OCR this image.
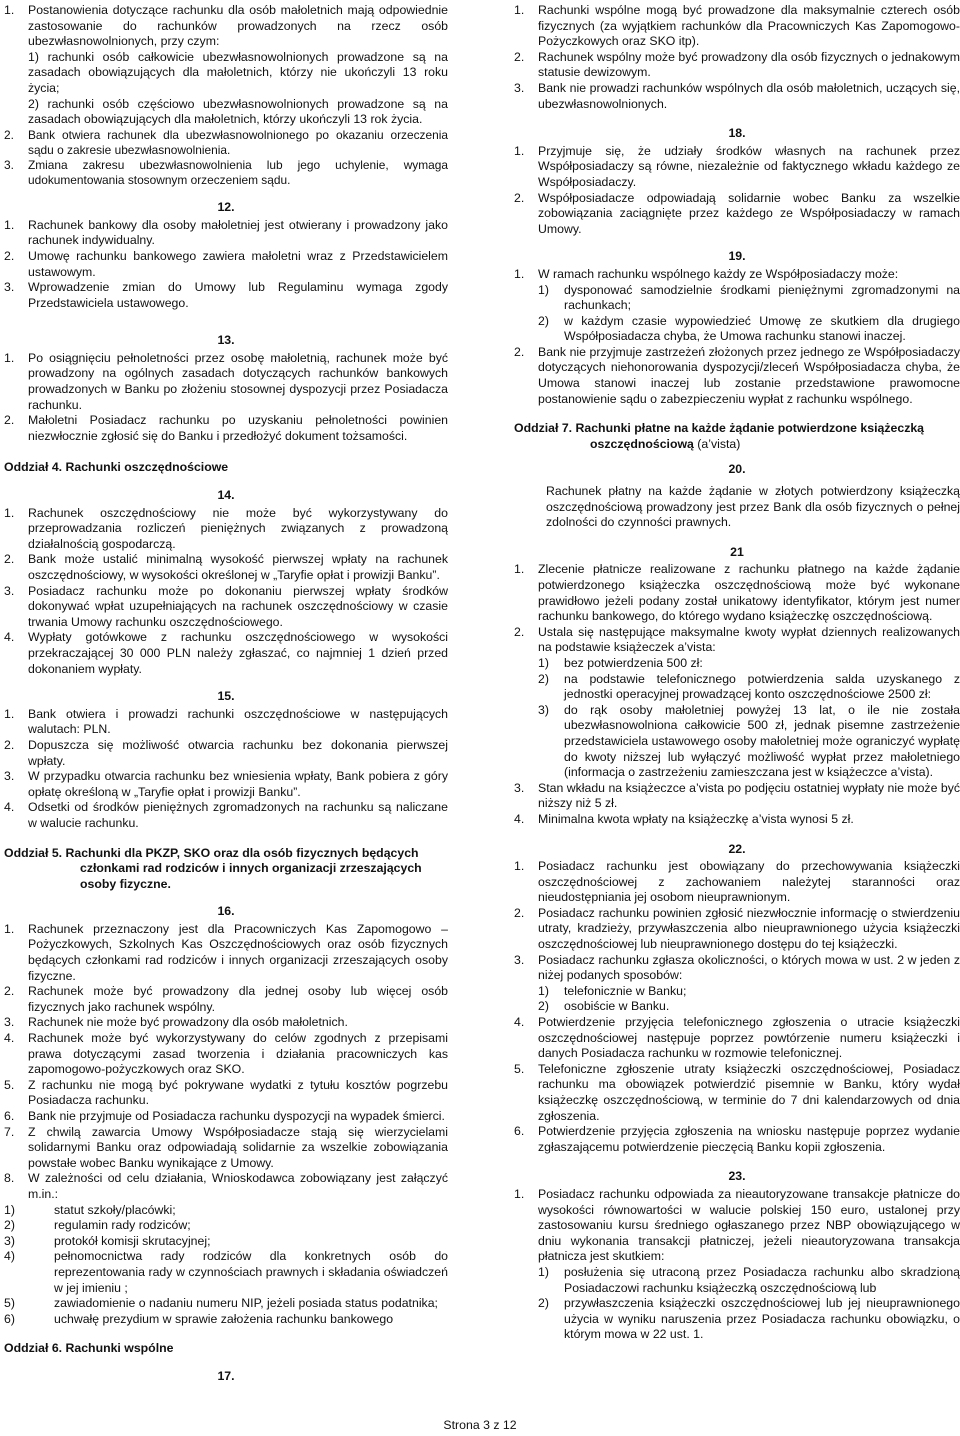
1. Postanowienia dotyczące rachunku dla osób małoletnich mają odpowiednie zastosowanie do rachunków prowadzonych na rzecz osób ubezwłasnowolnionych, przy czym:
1) rachunki osób całkowicie ubezwłasnowolnionych prowadzone są na zasadach obowiązujących dla małoletnich, którzy nie ukończyli 13 roku życia;
2) rachunki osób częściowo ubezwłasnowolnionych prowadzone są na zasadach obowiązujących dla małoletnich, którzy ukończyli 13 rok życia.
2. Bank otwiera rachunek dla ubezwłasnowolnionego po okazaniu orzeczenia sądu o zakresie ubezwłasnowolnienia.
3. Zmiana zakresu ubezwłasnowolnienia lub jego uchylenie, wymaga udokumentowania stosownym orzeczeniem sądu.
12.
1. Rachunek bankowy dla osoby małoletniej jest otwierany i prowadzony jako rachunek indywidualny.
2. Umowę rachunku bankowego zawiera małoletni wraz z Przedstawicielem ustawowym.
3. Wprowadzenie zmian do Umowy lub Regulaminu wymaga zgody Przedstawiciela ustawowego.
13.
1. Po osiągnięciu pełnoletności przez osobę małoletnią, rachunek może być prowadzony na ogólnych zasadach dotyczących rachunków bankowych prowadzonych w Banku po złożeniu stosownej dyspozycji przez Posiadacza rachunku.
2. Małoletni Posiadacz rachunku po uzyskaniu pełnoletności powinien niezwłocznie zgłosić się do Banku i przedłożyć dokument tożsamości.
Oddział 4. Rachunki oszczędnościowe
14.
1. Rachunek oszczędnościowy nie może być wykorzystywany do przeprowadzania rozliczeń pieniężnych związanych z prowadzoną działalnością gospodarczą.
2. Bank może ustalić minimalną wysokość pierwszej wpłaty na rachunek oszczędnościowy, w wysokości określonej w „Taryfie opłat i prowizji Banku”.
3. Posiadacz rachunku może po dokonaniu pierwszej wpłaty środków dokonywać wpłat uzupełniających na rachunek oszczędnościowy w czasie trwania Umowy rachunku oszczędnościowego.
4. Wypłaty gotówkowe z rachunku oszczędnościowego w wysokości przekraczającej 30 000 PLN należy zgłaszać, co najmniej 1 dzień przed dokonaniem wypłaty.
15.
1. Bank otwiera i prowadzi rachunki oszczędnościowe w następujących walutach: PLN.
2. Dopuszcza się możliwość otwarcia rachunku bez dokonania pierwszej wpłaty.
3. W przypadku otwarcia rachunku bez wniesienia wpłaty, Bank pobiera z góry opłatę określoną w „Taryfie opłat i prowizji Banku”.
4. Odsetki od środków pieniężnych zgromadzonych na rachunku są naliczane w walucie rachunku.
Oddział 5. Rachunki dla PKZP, SKO oraz dla osób fizycznych będących
członkami rad rodziców i innych organizacji zrzeszających osoby fizyczne.
16.
1. Rachunek przeznaczony jest dla Pracowniczych Kas Zapomogowo – Pożyczkowych, Szkolnych Kas Oszczędnościowych oraz osób fizycznych będących członkami rad rodziców i innych organizacji zrzeszających osoby fizyczne.
2. Rachunek może być prowadzony dla jednej osoby lub więcej osób fizycznych jako rachunek wspólny.
3. Rachunek nie może być prowadzony dla osób małoletnich.
4. Rachunek może być wykorzystywany do celów zgodnych z przepisami prawa dotyczącymi zasad tworzenia i działania pracowniczych kas zapomogowo-pożyczkowych oraz SKO.
5. Z rachunku nie mogą być pokrywane wydatki z tytułu kosztów pogrzebu Posiadacza rachunku.
6. Bank nie przyjmuje od Posiadacza rachunku dyspozycji na wypadek śmierci.
7. Z chwilą zawarcia Umowy Współposiadacze stają się wierzycielami solidarnymi Banku oraz odpowiadają solidarnie za wszelkie zobowiązania powstałe wobec Banku wynikające z Umowy.
8. W zależności od celu działania, Wnioskodawca zobowiązany jest załączyć m.in.:
1)	statut szkoły/placówki;
2)	regulamin rady rodziców;
3)	protokół komisji skrutacyjnej;
4)	pełnomocnictwa rady rodziców dla konkretnych osób do reprezentowania rady w czynnościach prawnych i składania oświadczeń w jej imieniu ;
5)	zawiadomienie o nadaniu numeru NIP, jeżeli posiada status podatnika;
6)	uchwałę prezydium w sprawie założenia rachunku bankowego
Oddział 6. Rachunki wspólne
17.
1. Rachunki wspólne mogą być prowadzone dla maksymalnie czterech osób fizycznych (za wyjątkiem rachunków dla Pracowniczych Kas Zapomogowo-Pożyczkowych oraz SKO itp).
2. Rachunek wspólny może być prowadzony dla osób fizycznych o jednakowym statusie dewizowym.
3. Bank nie prowadzi rachunków wspólnych dla osób małoletnich, uczących się, ubezwłasnowolnionych.
18.
1. Przyjmuje się, że udziały środków własnych na rachunek przez Współposiadaczy są równe, niezależnie od faktycznego wkładu każdego ze Współposiadaczy.
2. Współposiadacze odpowiadają solidarnie wobec Banku za wszelkie zobowiązania zaciągnięte przez każdego ze Współposiadaczy w ramach Umowy.
19.
1. W ramach rachunku wspólnego każdy ze Współposiadaczy może:
1) dysponować samodzielnie środkami pieniężnymi zgromadzonymi na rachunkach;
2) w każdym czasie wypowiedzieć Umowę ze skutkiem dla drugiego Współposiadacza chyba, że Umowa rachunku stanowi inaczej.
2. Bank nie przyjmuje zastrzeżeń złożonych przez jednego ze Współposiadaczy dotyczących niehonorowania dyspozycji/zleceń Współposiadacza chyba, że Umowa stanowi inaczej lub zostanie przedstawione prawomocne postanowienie sądu o zabezpieczeniu wypłat z rachunku wspólnego.
Oddział 7. Rachunki płatne na każde żądanie potwierdzone książeczką
oszczędnościową (a’vista)
20.
Rachunek płatny na każde żądanie w złotych potwierdzony książeczką oszczędnościową prowadzony jest przez Bank dla osób fizycznych o pełnej zdolności do czynności prawnych.
21
1. Zlecenie płatnicze realizowane z rachunku płatnego na każde żądanie potwierdzonego książeczka oszczędnościową może być wykonane prawidłowo jeżeli podany został unikatowy identyfikator, którym jest numer rachunku bankowego, do którego wydano książeczkę oszczędnościową.
2. Ustala się następujące maksymalne kwoty wypłat dziennych realizowanych na podstawie książeczek a’vista:
1) bez potwierdzenia 500 zł:
2) na podstawie telefonicznego potwierdzenia salda uzyskanego z jednostki operacyjnej prowadzącej konto oszczędnościowe 2500 zł:
3) do rąk osoby małoletniej powyżej 13 lat, o ile nie została ubezwłasnowolniona całkowicie 500 zł, jednak pisemne zastrzeżenie przedstawiciela ustawowego osoby małoletniej może ograniczyć wypłatę do kwoty niższej lub wyłączyć możliwość wypłat przez małoletniego (informacja o zastrzeżeniu zamieszczana jest w książeczce a’vista).
3. Stan wkładu na książeczce a’vista po podjęciu ostatniej wypłaty nie może być niższy niż 5 zł.
4. Minimalna kwota wpłaty na książeczkę a’vista wynosi 5 zł.
22.
1. Posiadacz rachunku jest obowiązany do przechowywania książeczki oszczędnościowej z zachowaniem należytej staranności oraz nieudostępniania jej osobom nieuprawnionym.
2. Posiadacz rachunku powinien zgłosić niezwłocznie informację o stwierdzeniu utraty, kradzieży, przywłaszczenia albo nieuprawnionego użycia książeczki oszczędnościowej lub nieuprawnionego dostępu do tej książeczki.
3. Posiadacz rachunku zgłasza okoliczności, o których mowa w ust. 2 w jeden z niżej podanych sposobów:
1) telefonicznie w Banku;
2) osobiście w Banku.
4. Potwierdzenie przyjęcia telefonicznego zgłoszenia o utracie książeczki oszczędnościowej następuje poprzez powtórzenie numeru książeczki i danych Posiadacza rachunku w rozmowie telefonicznej.
5. Telefoniczne zgłoszenie utraty książeczki oszczędnościowej, Posiadacz rachunku ma obowiązek potwierdzić pisemnie w Banku, który wydał książeczkę oszczędnościową, w terminie do 7 dni kalendarzowych od dnia zgłoszenia.
6. Potwierdzenie przyjęcia zgłoszenia na wniosku następuje poprzez wydanie zgłaszającemu potwierdzenie pieczęcią Banku kopii zgłoszenia.
23.
1. Posiadacz rachunku odpowiada za nieautoryzowane transakcje płatnicze do wysokości równowartości w walucie polskiej 150 euro, ustalonej przy zastosowaniu kursu średniego ogłaszanego przez NBP obowiązującego w dniu wykonania transakcji płatniczej, jeżeli nieautoryzowana transakcja płatnicza jest skutkiem:
1) posłużenia się utraconą przez Posiadacza rachunku albo skradzioną Posiadaczowi rachunku książeczką oszczędnościową lub
2) przywłaszczenia książeczki oszczędnościowej lub jej nieuprawnionego użycia w wyniku naruszenia przez Posiadacza rachunku obowiązku, o którym mowa w 22 ust. 1.
Strona 3 z 12
